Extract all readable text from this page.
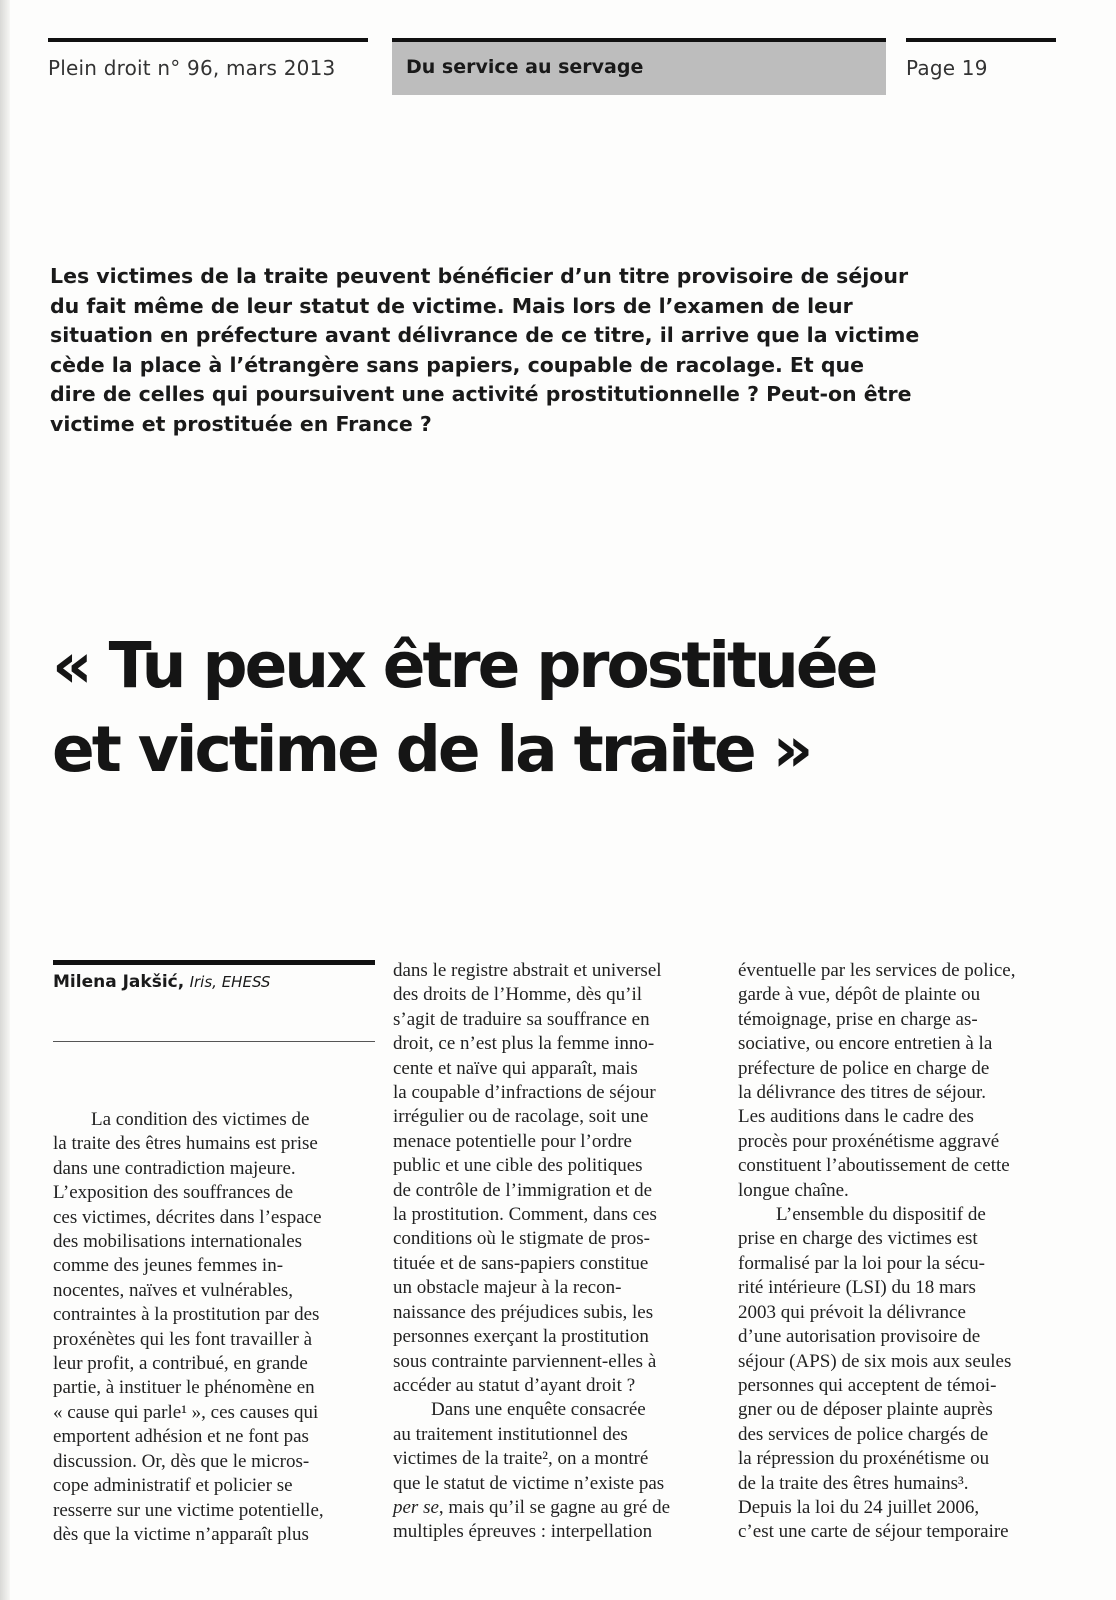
Plein droit n° 96, mars 2013	Du service au servage	Page 19
Les victimes de la traite peuvent bénéficier d’un titre provisoire de séjour
du fait même de leur statut de victime. Mais lors de l’examen de leur
situation en préfecture avant délivrance de ce titre, il arrive que la victime
cède la place à l’étrangère sans papiers, coupable de racolage. Et que
dire de celles qui poursuivent une activité prostitutionnelle ? Peut-on être
victime et prostituée en France ?
« Tu peux être prostituée
et victime de la traite »
Milena Jakšić, Iris, EHESS
La condition des victimes de
la traite des êtres humains est prise
dans une contradiction majeure.
L’exposition des souffrances de
ces victimes, décrites dans l’espace
des mobilisations internationales
comme des jeunes femmes in-
nocentes, naïves et vulnérables,
contraintes à la prostitution par des
proxénètes qui les font travailler à
leur profit, a contribué, en grande
partie, à instituer le phénomène en
« cause qui parle¹ », ces causes qui
emportent adhésion et ne font pas
discussion. Or, dès que le micros-
cope administratif et policier se
resserre sur une victime potentielle,
dès que la victime n’apparaît plus
dans le registre abstrait et universel
des droits de l’Homme, dès qu’il
s’agit de traduire sa souffrance en
droit, ce n’est plus la femme inno-
cente et naïve qui apparaît, mais
la coupable d’infractions de séjour
irrégulier ou de racolage, soit une
menace potentielle pour l’ordre
public et une cible des politiques
de contrôle de l’immigration et de
la prostitution. Comment, dans ces
conditions où le stigmate de pros-
tituée et de sans-papiers constitue
un obstacle majeur à la recon-
naissance des préjudices subis, les
personnes exerçant la prostitution
sous contrainte parviennent-elles à
accéder au statut d’ayant droit ?
Dans une enquête consacrée
au traitement institutionnel des
victimes de la traite², on a montré
que le statut de victime n’existe pas
per se, mais qu’il se gagne au gré de
multiples épreuves : interpellation
éventuelle par les services de police,
garde à vue, dépôt de plainte ou
témoignage, prise en charge as-
sociative, ou encore entretien à la
préfecture de police en charge de
la délivrance des titres de séjour.
Les auditions dans le cadre des
procès pour proxénétisme aggravé
constituent l’aboutissement de cette
longue chaîne.
L’ensemble du dispositif de
prise en charge des victimes est
formalisé par la loi pour la sécu-
rité intérieure (LSI) du 18 mars
2003 qui prévoit la délivrance
d’une autorisation provisoire de
séjour (APS) de six mois aux seules
personnes qui acceptent de témoi-
gner ou de déposer plainte auprès
des services de police chargés de
la répression du proxénétisme ou
de la traite des êtres humains³.
Depuis la loi du 24 juillet 2006,
c’est une carte de séjour temporaire
